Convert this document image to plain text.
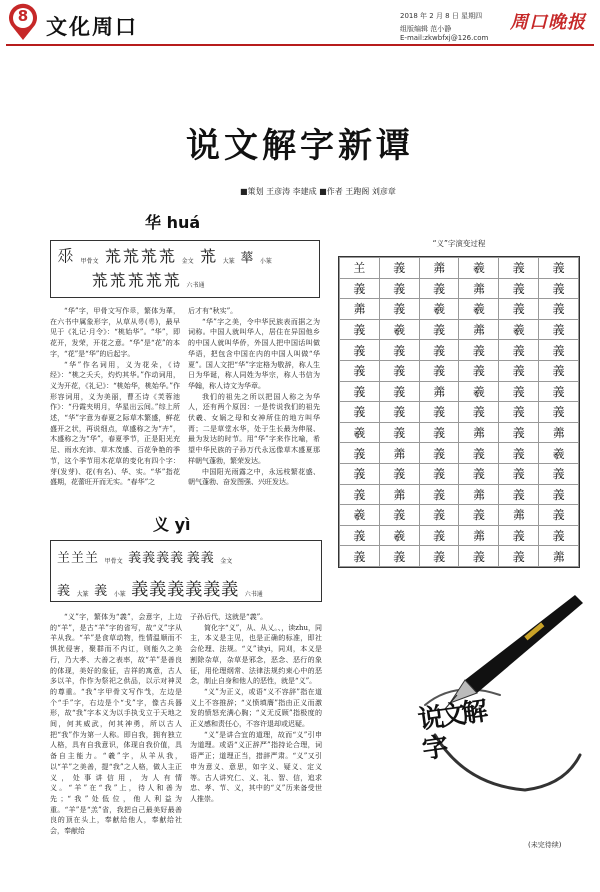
8 文化周口	2018 年 2 月 8 日 星期四
组版编辑 范小静
E-mail:zkwbfxj@126.com
周口晚报
说文解字新谭
■策划 王彦涛 李建成 ■作者 王跑阁 刘彦章
华 huá
𠂹 甲骨文 𦬸𦬸𦬸𦬸 金文 𦬸 大篆 蕐 小篆
𦬸𦬸𦬸𦬸𦬸 六书通

“华”字，甲骨文写作𠂹，繁体为華，在六书中属象形字，从草从𠌶(𠌶)，最早见于《礼记·月令》：“桃始华”。“华”，即花开，发荣，开花之意。“华”是“花”的本字，“花”是“华”的后起字。

“华”作名词用，义为花朵，《诗经》：“桃之夭夭，灼灼其华。”作动词用，义为开花，《礼记》：“桃始华，桃始华。”作形容词用，义为美丽，曹丕诗《芙蓉池作》：“丹霞夹明月，华星出云间。”综上所述，“华”字意为春夏之际草木繁盛，鲜花盛开之状，再说细点，草盛称之为“卉”，木盛称之为“华”，春夏季节，正是阳光充足、雨水充沛、草木茂盛、百花争艳的季节，这个季节用木花草的变化有四个字：芽(发芽)、花(有名)、华、实。“华”指花盛期，花蕾旺开而无实。“春华”之

后才有“秋实”。

“华”字之美，令中华民族表而据之为词称。中国人就叫华人，居住在异国他乡的中国人就叫华侨，外国人把中国话叫做华语，把包含中国在内的中国人叫做“华夏”。国人文把“华”字定格为敬辞，称人生日为华诞，称人同姓为华宗，称人书信为华翰，称人诗文为华章。

我们的祖先之所以把国人称之为华人，还有两个原因：一是传说我们的祖先伏羲、女娲之母和女神所住的地方叫华胥；二是草堂水华，处于生长最为伸展、最为发达的时节。用“华”字来作比喻，希望中华民族的子孙万代永远像草木盛夏那样朝气蓬勃，繁荣发达。

中国阳光雨露之中，永远枝繁花盛、朝气蓬勃、奋发图强、兴旺发达。

义 yì
𦍌𦍌𦍌 甲骨文 義義義義 義義 金文
義 大篆 義 小篆 義義義義義義 六书通

“义”字，繁体为“義”，会意字，上边的“羊”，是古“羊”字的省写，故“义”字从羊从我。“羊”是食草动物，性情温顺而不惧扰侵害，聚群而不内讧，则能久之美行，乃大孝、大善之表率，故“羊”是善良的体现，美好的象征，吉祥的寓意，古人多以羊，作作为祭祀之供品，以示对神灵的尊重。“我”字甲骨文写作𢦏，左边是个“手”字，右边是个“戈”字，像古兵器形，故“我”字本义为以手执戈立于天地之间，何其威武，何其神勇，所以古人把“我”作为第一人称。即自我，拥有独立人格，具有自我意识，体现自我价值，具备自主能力。“羲”字，从羊从我，以“羊”之美善，提“我”之人格，做人主正义，处事讲信用，为人有情义。“羊”在“我”上，待人和善为先；“我”处低位，他人利益为重。“羊”是“羔”省，我把自己最美好最善良的顶在头上，奉献给他人，奉献给社会，奉献给

子孙后代，这就是“義”。

简化字“义”，从、从乂。、，读zhu，同主，本义是主见，也是正确的标准，即社会伦理、法规。“义”读yi，同刈，本义是割除杂草，杂草是邪念，恶念、恶行的象征，用伦理纲常、法律法规约束心中的恶念，制止自身和他人的恶性，就是“义”。

“义”为正义，或语“义不容辞”指在道义上不容推辞；“义愤填膺”指由正义而激发的愤怒充满心胸；“义无反顾”指极度的正义感和责任心，不容许退却或迟疑。

“义”是讲合宜的道理，故而“义”引申为道理。或语“义正辞严”指持论合理，词语严正；道理正当，措辞严肃。“义”又引申为意义、意思，如字义、疑义、定义等。古人讲究仁、义、礼、智、信，追求忠、孝、节、义，其中的“义”历来备受世人推崇。

“义”字演变过程
𦍌	義	羛	羲	義	義
義	義	義	羛	義	義
羛	義	羲	羲	義	義
義	羲	義	羛	羲	義
義	義	義	義	義	義
義	義	義	義	義	義
義	義	羛	羲	義	義
義	義	義	義	義	義
羲	義	義	羛	義	羛
義	羛	義	義	義	羲
義	義	義	義	義	義
義	羛	義	羛	義	義
羲	義	義	義	羛	義
義	羲	義	羛	義	義
義	義	義	義	義	羛
说文解字
(未完待续)
